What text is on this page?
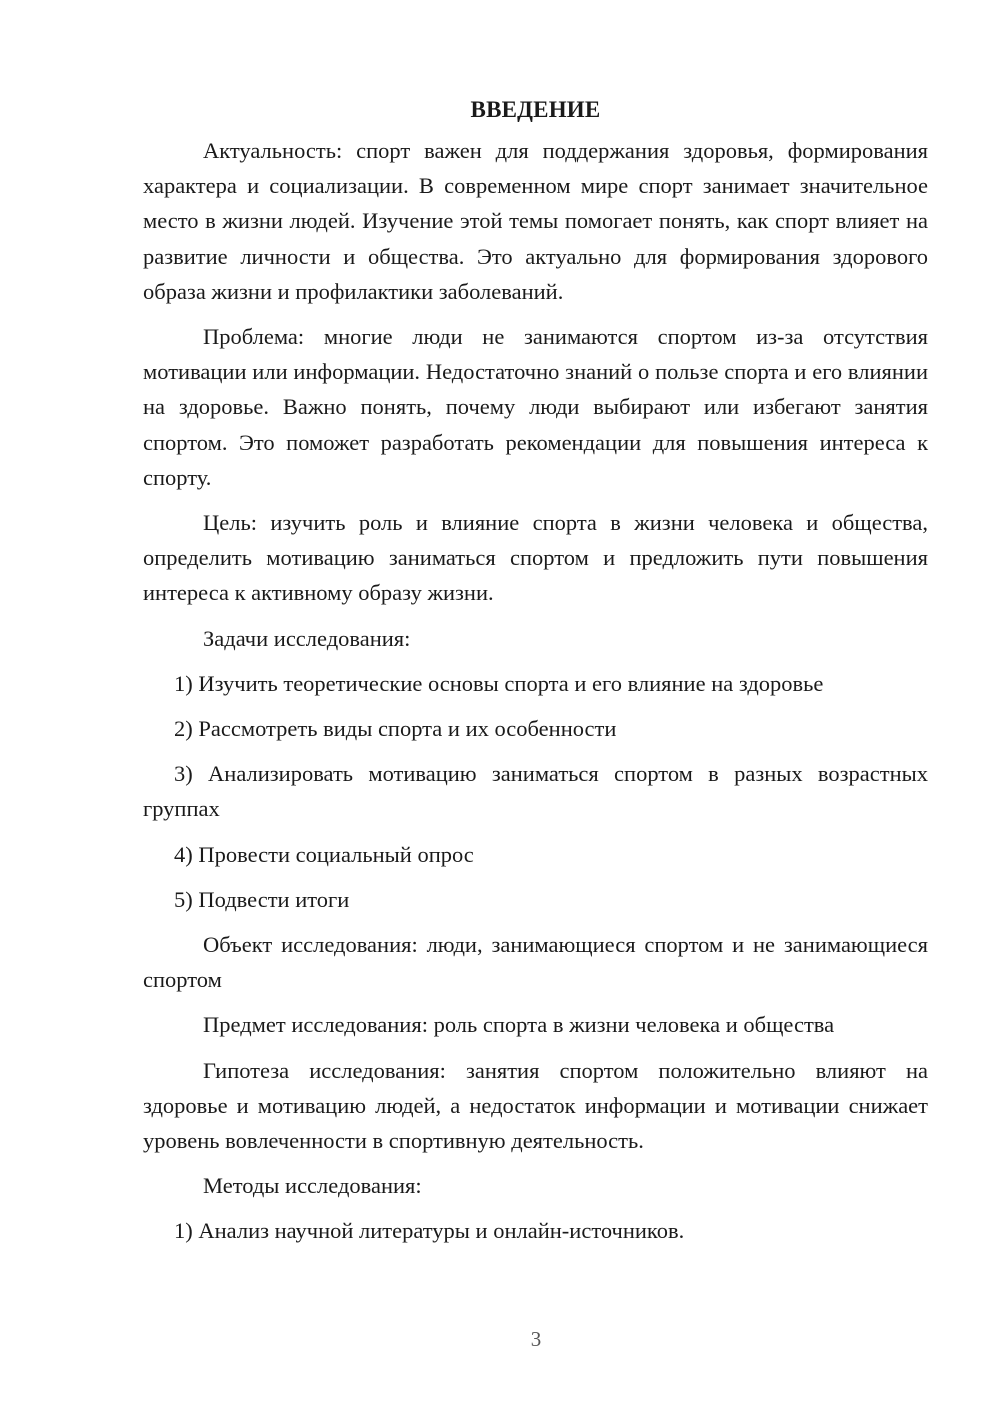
ВВЕДЕНИЕ

Актуальность: спорт важен для поддержания здоровья, формирования характера и социализации. В современном мире спорт занимает значительное место в жизни людей. Изучение этой темы помогает понять, как спорт влияет на развитие личности и общества. Это актуально для формирования здорового образа жизни и профилактики заболеваний.

Проблема: многие люди не занимаются спортом из-за отсутствия мотивации или информации. Недостаточно знаний о пользе спорта и его влиянии на здоровье. Важно понять, почему люди выбирают или избегают занятия спортом. Это поможет разработать рекомендации для повышения интереса к спорту.

Цель: изучить роль и влияние спорта в жизни человека и общества, определить мотивацию заниматься спортом и предложить пути повышения интереса к активному образу жизни.

Задачи исследования:

1) Изучить теоретические основы спорта и его влияние на здоровье

2) Рассмотреть виды спорта и их особенности

3) Анализировать мотивацию заниматься спортом в разных возрастных группах

4) Провести социальный опрос

5) Подвести итоги

Объект исследования: люди, занимающиеся спортом и не занимающиеся спортом

Предмет исследования: роль спорта в жизни человека и общества

Гипотеза исследования: занятия спортом положительно влияют на здоровье и мотивацию людей, а недостаток информации и мотивации снижает уровень вовлеченности в спортивную деятельность.

Методы исследования:

1) Анализ научной литературы и онлайн-источников.

3
